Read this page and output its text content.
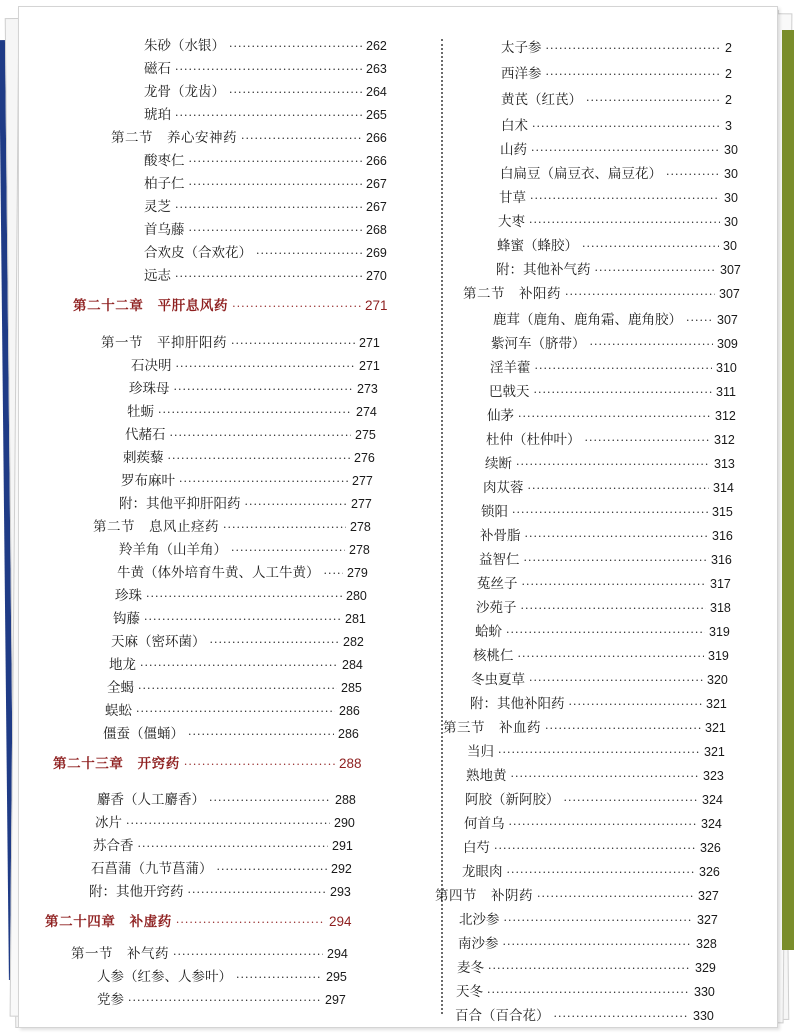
朱砂（水银） ·····	262
磁石 ·····	263
龙骨（龙齿） ·····	264
琥珀 ·····	265
第二节　养心安神药 ·····	266
酸枣仁 ·····	266
柏子仁 ·····	267
灵芝 ·····	267
首乌藤 ·····	268
合欢皮（合欢花） ·····	269
远志 ·····	270
第二十二章　平肝息风药 ·····	271
第一节　平抑肝阳药 ·····	271
石决明 ·····	271
珍珠母 ·····	273
牡蛎 ·····	274
代赭石 ·····	275
刺蒺藜 ·····	276
罗布麻叶 ·····	277
附：其他平抑肝阳药 ·····	277
第二节　息风止痉药 ·····	278
羚羊角（山羊角） ·····	278
牛黄（体外培育牛黄、人工牛黄） ····· 279
珍珠 ·····	280
钩藤 ·····	281
天麻（密环菌） ·····	282
地龙 ·····	284
全蝎 ·····	285
蜈蚣 ·····	286
僵蚕（僵蛹） ·····	286
第二十三章　开窍药 ·····	288
麝香（人工麝香） ·····	288
冰片 ·····	290
苏合香 ·····	291
石菖蒲（九节菖蒲） ·····	292
附：其他开窍药 ·····	293
第二十四章　补虚药 ·····	294
第一节　补气药 ·····	294
人参（红参、人参叶） ·····	295
党参 ·····	297
太子参 ·····	2
西洋参 ·····	2
黄芪（红芪） ·····	2
白术 ·····	3
山药 ·····	30
白扁豆（扁豆衣、扁豆花） ·····	30
甘草 ·····	30
大枣 ·····	30
蜂蜜（蜂胶） ·····	30
附：其他补气药 ·····	307
第二节　补阳药 ·····	307
鹿茸（鹿角、鹿角霜、鹿角胶） ·····	307
紫河车（脐带） ·····	309
淫羊藿 ·····	310
巴戟天 ·····	311
仙茅 ·····	312
杜仲（杜仲叶） ·····	312
续断 ·····	313
肉苁蓉 ·····	314
锁阳 ·····	315
补骨脂 ·····	316
益智仁 ·····	316
菟丝子 ·····	317
沙苑子 ·····	318
蛤蚧 ·····	319
核桃仁 ·····	319
冬虫夏草 ·····	320
附：其他补阳药 ·····	321
第三节　补血药 ·····	321
当归 ·····	321
熟地黄 ·····	323
阿胶（新阿胶） ·····	324
何首乌 ·····	324
白芍 ·····	326
龙眼肉 ·····	326
第四节　补阴药 ·····	327
北沙参 ·····	327
南沙参 ·····	328
麦冬 ·····	329
天冬 ·····	330
百合（百合花） ·····	330
